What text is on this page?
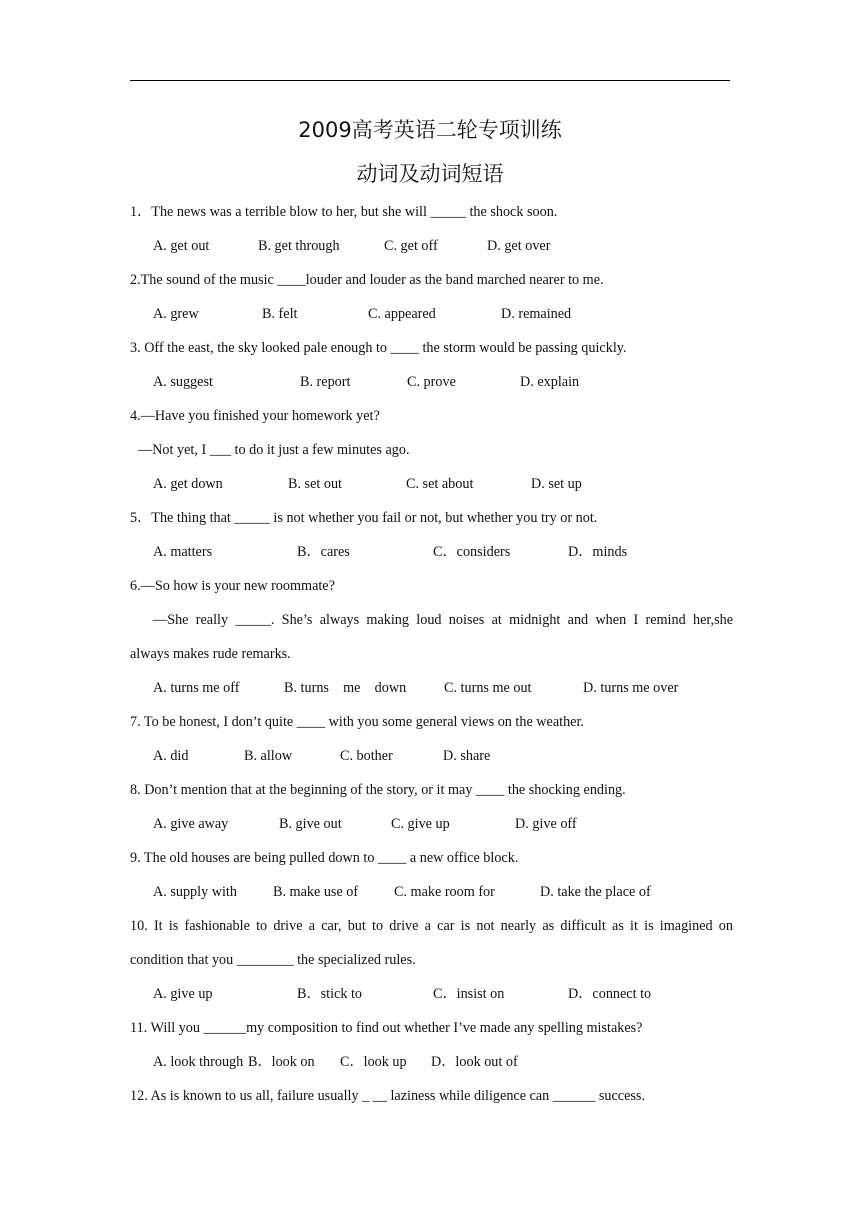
2009高考英语二轮专项训练
动词及动词短语
1．The news was a terrible blow to her, but she will _____ the shock soon.
A. get out	B. get through	C. get off	D. get over
2.The sound of the music ____louder and louder as the band marched nearer to me.
A. grew	B. felt	C. appeared	D. remained
3. Off the east, the sky looked pale enough to ____ the storm would be passing quickly.
A. suggest	B. report	C. prove	D. explain
4.—Have you finished your homework yet?
—Not yet, I ___ to do it just a few minutes ago.
A. get down	B. set out	C. set about	D. set up
5．The thing that _____ is not whether you fail or not, but whether you try or not.
A. matters	B．cares	C．considers	D．minds
6.—So how is your new roommate?
—She really _____. She’s always making loud noises at midnight and when I remind her,she
always makes rude remarks.
A. turns me off	B. turns    me    down	C. turns me out	D. turns me over
7. To be honest, I don’t quite ____ with you some general views on the weather.
A. did	B. allow	C. bother	D. share
8. Don’t mention that at the beginning of the story, or it may ____ the shocking ending.
A. give away	B. give out	C. give up	D. give off
9. The old houses are being pulled down to ____ a new office block.
A. supply with	B. make use of	C. make room for	D. take the place of
10. It is fashionable to drive a car, but to drive a car is not nearly as difficult as it is imagined on
condition that you ________ the specialized rules.
A. give up	B．stick to	C．insist on	D．connect to
11. Will you ______my composition to find out whether I’ve made any spelling mistakes?
A. look through B．look on C．look up D．look out of
12. As is known to us all, failure usually _ __ laziness while diligence can ______ success.
